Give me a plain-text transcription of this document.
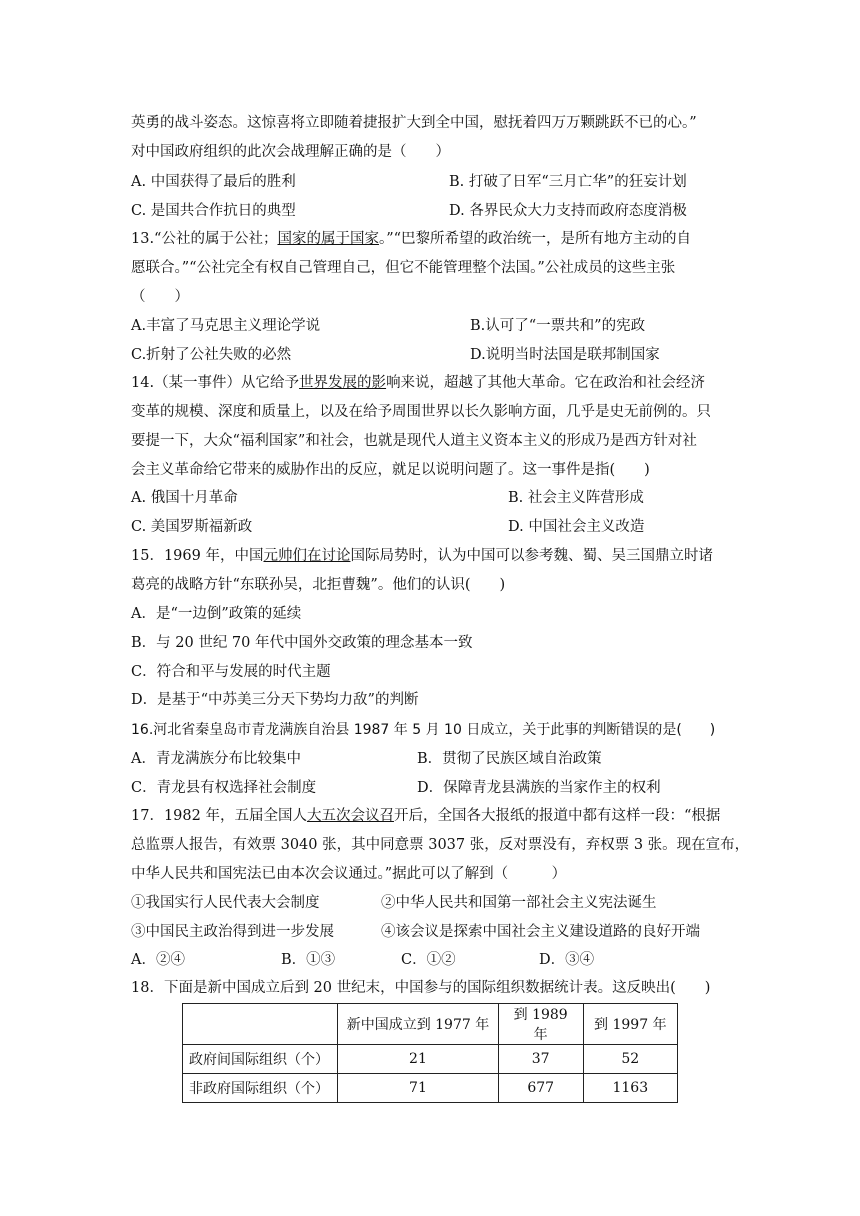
英勇的战斗姿态。这惊喜将立即随着捷报扩大到全中国，慰抚着四万万颗跳跃不已的心。”
对中国政府组织的此次会战理解正确的是（　　）
A. 中国获得了最后的胜利	B. 打破了日军“三月亡华”的狂妄计划
C. 是国共合作抗日的典型	D. 各界民众大力支持而政府态度消极
13.“公社的属于公社；国家的属于国家。”“巴黎所希望的政治统一，是所有地方主动的自
愿联合。”“公社完全有权自己管理自己，但它不能管理整个法国。”公社成员的这些主张
（　　）
A.丰富了马克思主义理论学说	B.认可了“一票共和”的宪政
C.折射了公社失败的必然	D.说明当时法国是联邦制国家
14.（某一事件）从它给予世界发展的影响来说，超越了其他大革命。它在政治和社会经济
变革的规模、深度和质量上，以及在给予周围世界以长久影响方面，几乎是史无前例的。只
要提一下，大众“福利国家”和社会，也就是现代人道主义资本主义的形成乃是西方针对社
会主义革命给它带来的威胁作出的反应，就足以说明问题了。这一事件是指(　　)
A. 俄国十月革命	B. 社会主义阵营形成
C. 美国罗斯福新政	D. 中国社会主义改造
15．1969 年，中国元帅们在讨论国际局势时，认为中国可以参考魏、蜀、吴三国鼎立时诸
葛亮的战略方针“东联孙吴，北拒曹魏”。他们的认识(　　)
A．是“一边倒”政策的延续
B．与 20 世纪 70 年代中国外交政策的理念基本一致
C．符合和平与发展的时代主题
D．是基于“中苏美三分天下势均力敌”的判断
16.河北省秦皇岛市青龙满族自治县 1987 年 5 月 10 日成立，关于此事的判断错误的是(　　)
A．青龙满族分布比较集中	B．贯彻了民族区域自治政策
C．青龙县有权选择社会制度	D．保障青龙县满族的当家作主的权利
17．1982 年，五届全国人大五次会议召开后，全国各大报纸的报道中都有这样一段：“根据
总监票人报告，有效票 3040 张，其中同意票 3037 张，反对票没有，弃权票 3 张。现在宣布，
中华人民共和国宪法已由本次会议通过。”据此可以了解到（　　　）
①我国实行人民代表大会制度	②中华人民共和国第一部社会主义宪法诞生
③中国民主政治得到进一步发展	④该会议是探索中国社会主义建设道路的良好开端
A．②④	B．①③	C．①②	D．③④
18．下面是新中国成立后到 20 世纪末，中国参与的国际组织数据统计表。这反映出(　　)
	新中国成立到 1977 年	到 1989 年	到 1997 年
政府间国际组织（个）	21	37	52
非政府国际组织（个）	71	677	1163
